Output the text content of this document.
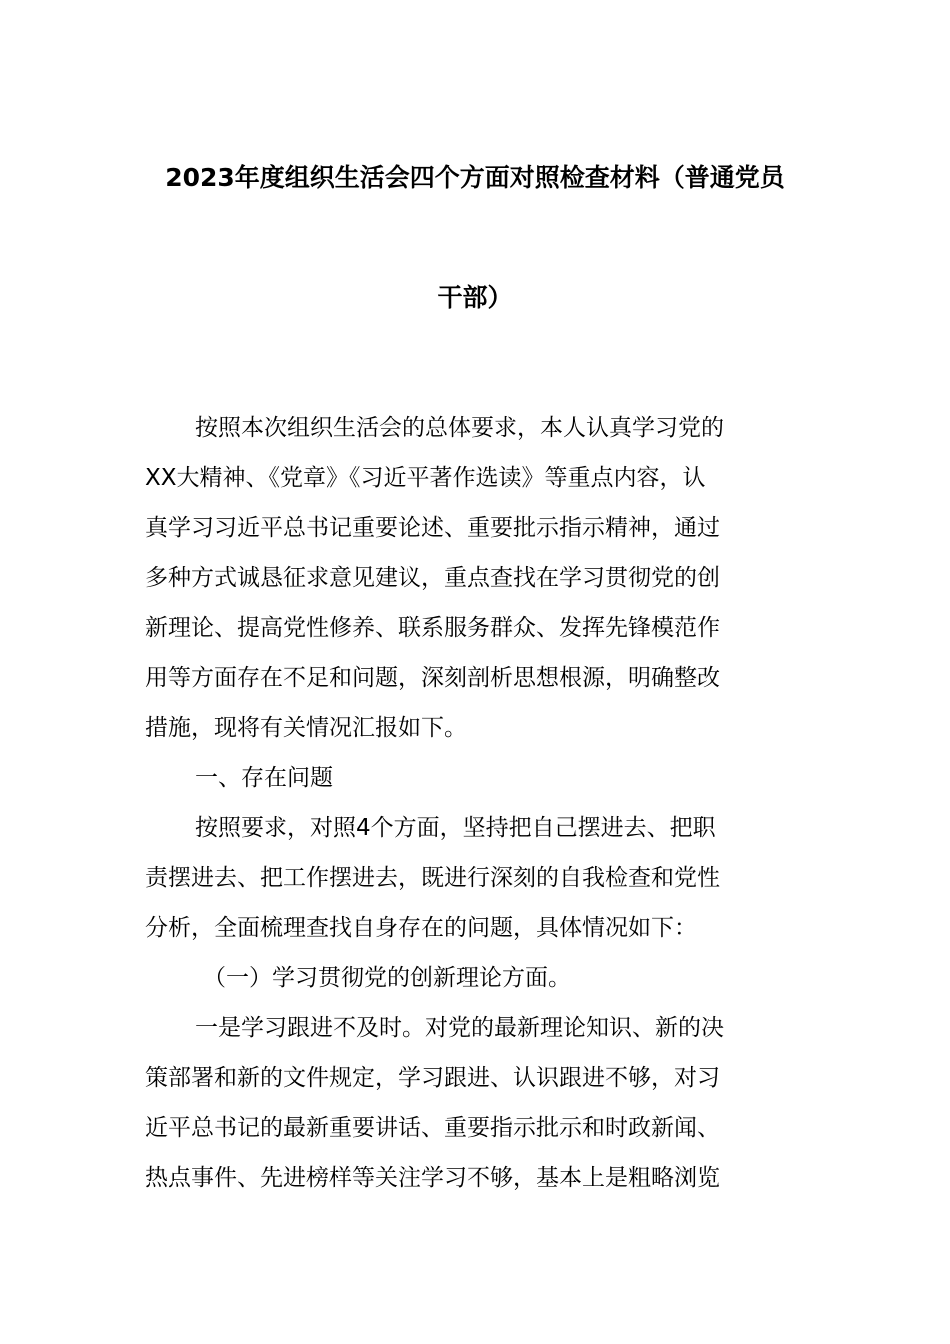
2023年度组织生活会四个方面对照检查材料（普通党员
干部）
按照本次组织生活会的总体要求，本人认真学习党的
XX大精神、《党章》《习近平著作选读》等重点内容，认
真学习习近平总书记重要论述、重要批示指示精神，通过
多种方式诚恳征求意见建议，重点查找在学习贯彻党的创
新理论、提高党性修养、联系服务群众、发挥先锋模范作
用等方面存在不足和问题，深刻剖析思想根源，明确整改
措施，现将有关情况汇报如下。
一、存在问题
按照要求，对照4个方面，坚持把自己摆进去、把职
责摆进去、把工作摆进去，既进行深刻的自我检查和党性
分析，全面梳理查找自身存在的问题，具体情况如下：
（一）学习贯彻党的创新理论方面。
一是学习跟进不及时。对党的最新理论知识、新的决
策部署和新的文件规定，学习跟进、认识跟进不够，对习
近平总书记的最新重要讲话、重要指示批示和时政新闻、
热点事件、先进榜样等关注学习不够，基本上是粗略浏览
